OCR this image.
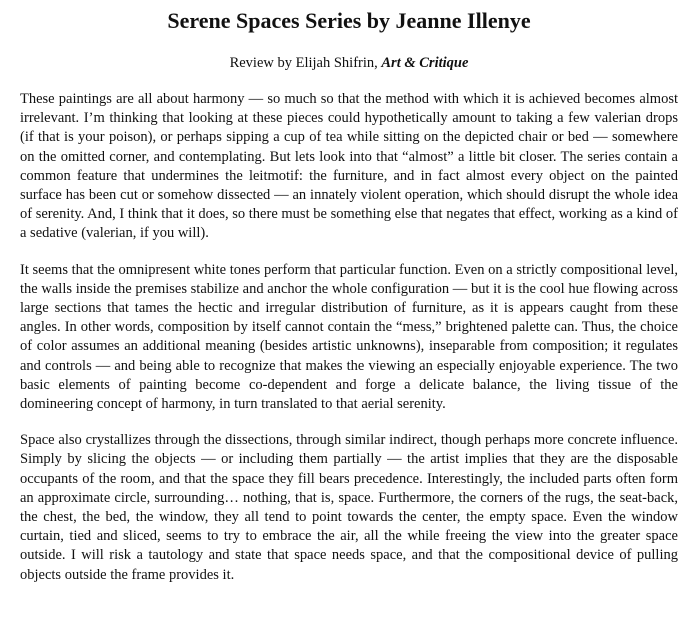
Serene Spaces Series by Jeanne Illenye

Review by Elijah Shifrin, Art & Critique

These paintings are all about harmony — so much so that the method with which it is achieved becomes almost irrelevant. I’m thinking that looking at these pieces could hypothetically amount to taking a few valerian drops (if that is your poison), or perhaps sipping a cup of tea while sitting on the depicted chair or bed — somewhere on the omitted corner, and contemplating. But lets look into that “almost” a little bit closer. The series contain a common feature that undermines the leitmotif: the furniture, and in fact almost every object on the painted surface has been cut or somehow dissected — an innately violent operation, which should disrupt the whole idea of serenity. And, I think that it does, so there must be something else that negates that effect, working as a kind of a sedative (valerian, if you will).

It seems that the omnipresent white tones perform that particular function. Even on a strictly compositional level, the walls inside the premises stabilize and anchor the whole configuration — but it is the cool hue flowing across large sections that tames the hectic and irregular distribution of furniture, as it is appears caught from these angles. In other words, composition by itself cannot contain the “mess,” brightened palette can. Thus, the choice of color assumes an additional meaning (besides artistic unknowns), inseparable from composition; it regulates and controls — and being able to recognize that makes the viewing an especially enjoyable experience. The two basic elements of painting become co-dependent and forge a delicate balance, the living tissue of the domineering concept of harmony, in turn translated to that aerial serenity.

Space also crystallizes through the dissections, through similar indirect, though perhaps more concrete influence. Simply by slicing the objects — or including them partially — the artist implies that they are the disposable occupants of the room, and that the space they fill bears precedence. Interestingly, the included parts often form an approximate circle, surrounding… nothing, that is, space. Furthermore, the corners of the rugs, the seat-back, the chest, the bed, the window, they all tend to point towards the center, the empty space. Even the window curtain, tied and sliced, seems to try to embrace the air, all the while freeing the view into the greater space outside. I will risk a tautology and state that space needs space, and that the compositional device of pulling objects outside the frame provides it.
